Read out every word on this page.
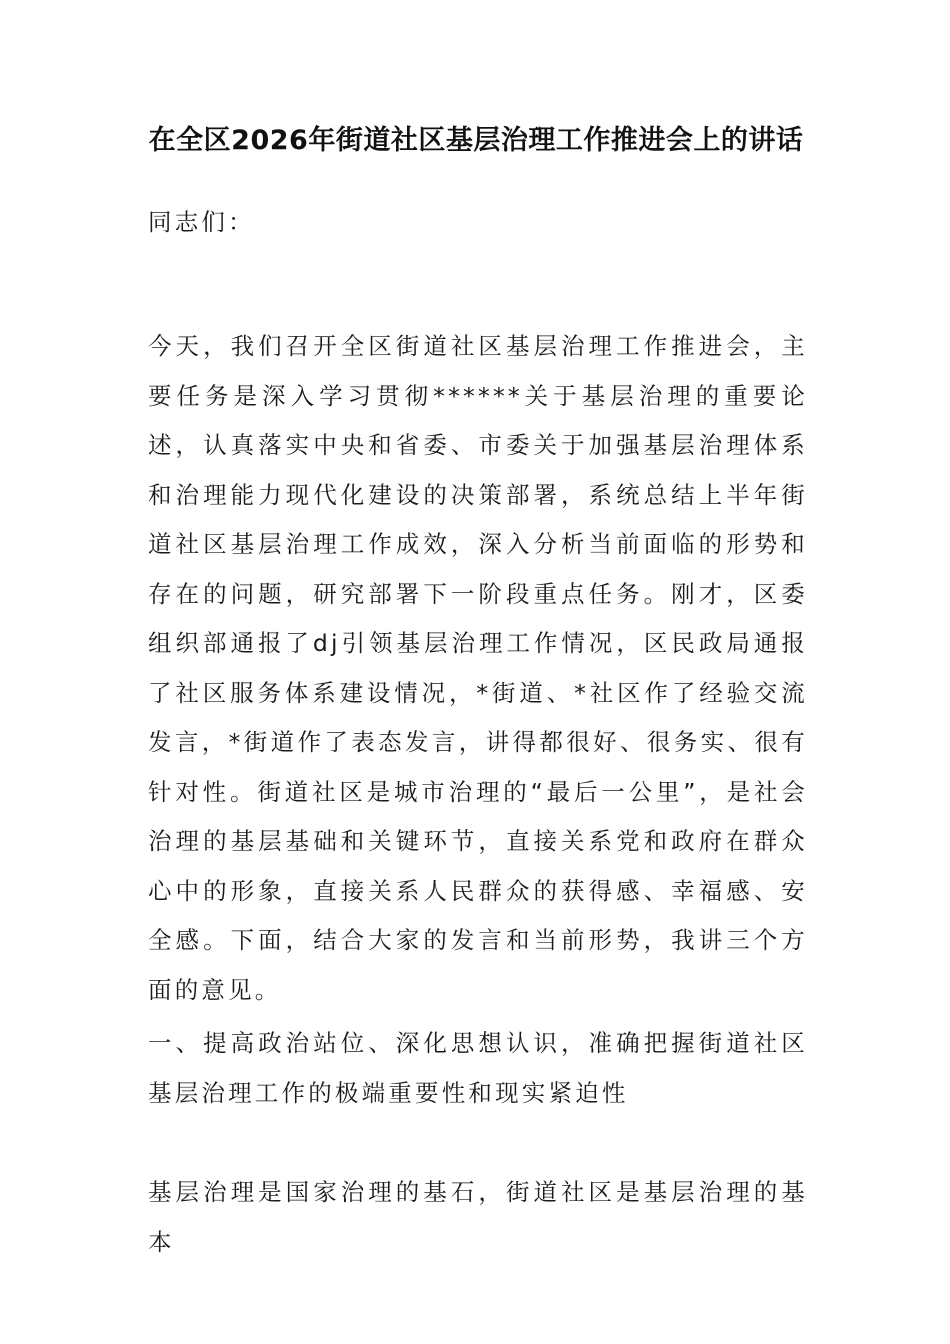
在全区2026年街道社区基层治理工作推进会上的讲话

同志们：

今天，我们召开全区街道社区基层治理工作推进会，主要任务是深入学习贯彻******关于基层治理的重要论述，认真落实中央和省委、市委关于加强基层治理体系和治理能力现代化建设的决策部署，系统总结上半年街道社区基层治理工作成效，深入分析当前面临的形势和存在的问题，研究部署下一阶段重点任务。刚才，区委组织部通报了dj引领基层治理工作情况，区民政局通报了社区服务体系建设情况，*街道、*社区作了经验交流发言，*街道作了表态发言，讲得都很好、很务实、很有针对性。街道社区是城市治理的“最后一公里”，是社会治理的基层基础和关键环节，直接关系党和政府在群众心中的形象，直接关系人民群众的获得感、幸福感、安全感。下面，结合大家的发言和当前形势，我讲三个方面的意见。

一、提高政治站位、深化思想认识，准确把握街道社区基层治理工作的极端重要性和现实紧迫性

基层治理是国家治理的基石，街道社区是基层治理的基本
